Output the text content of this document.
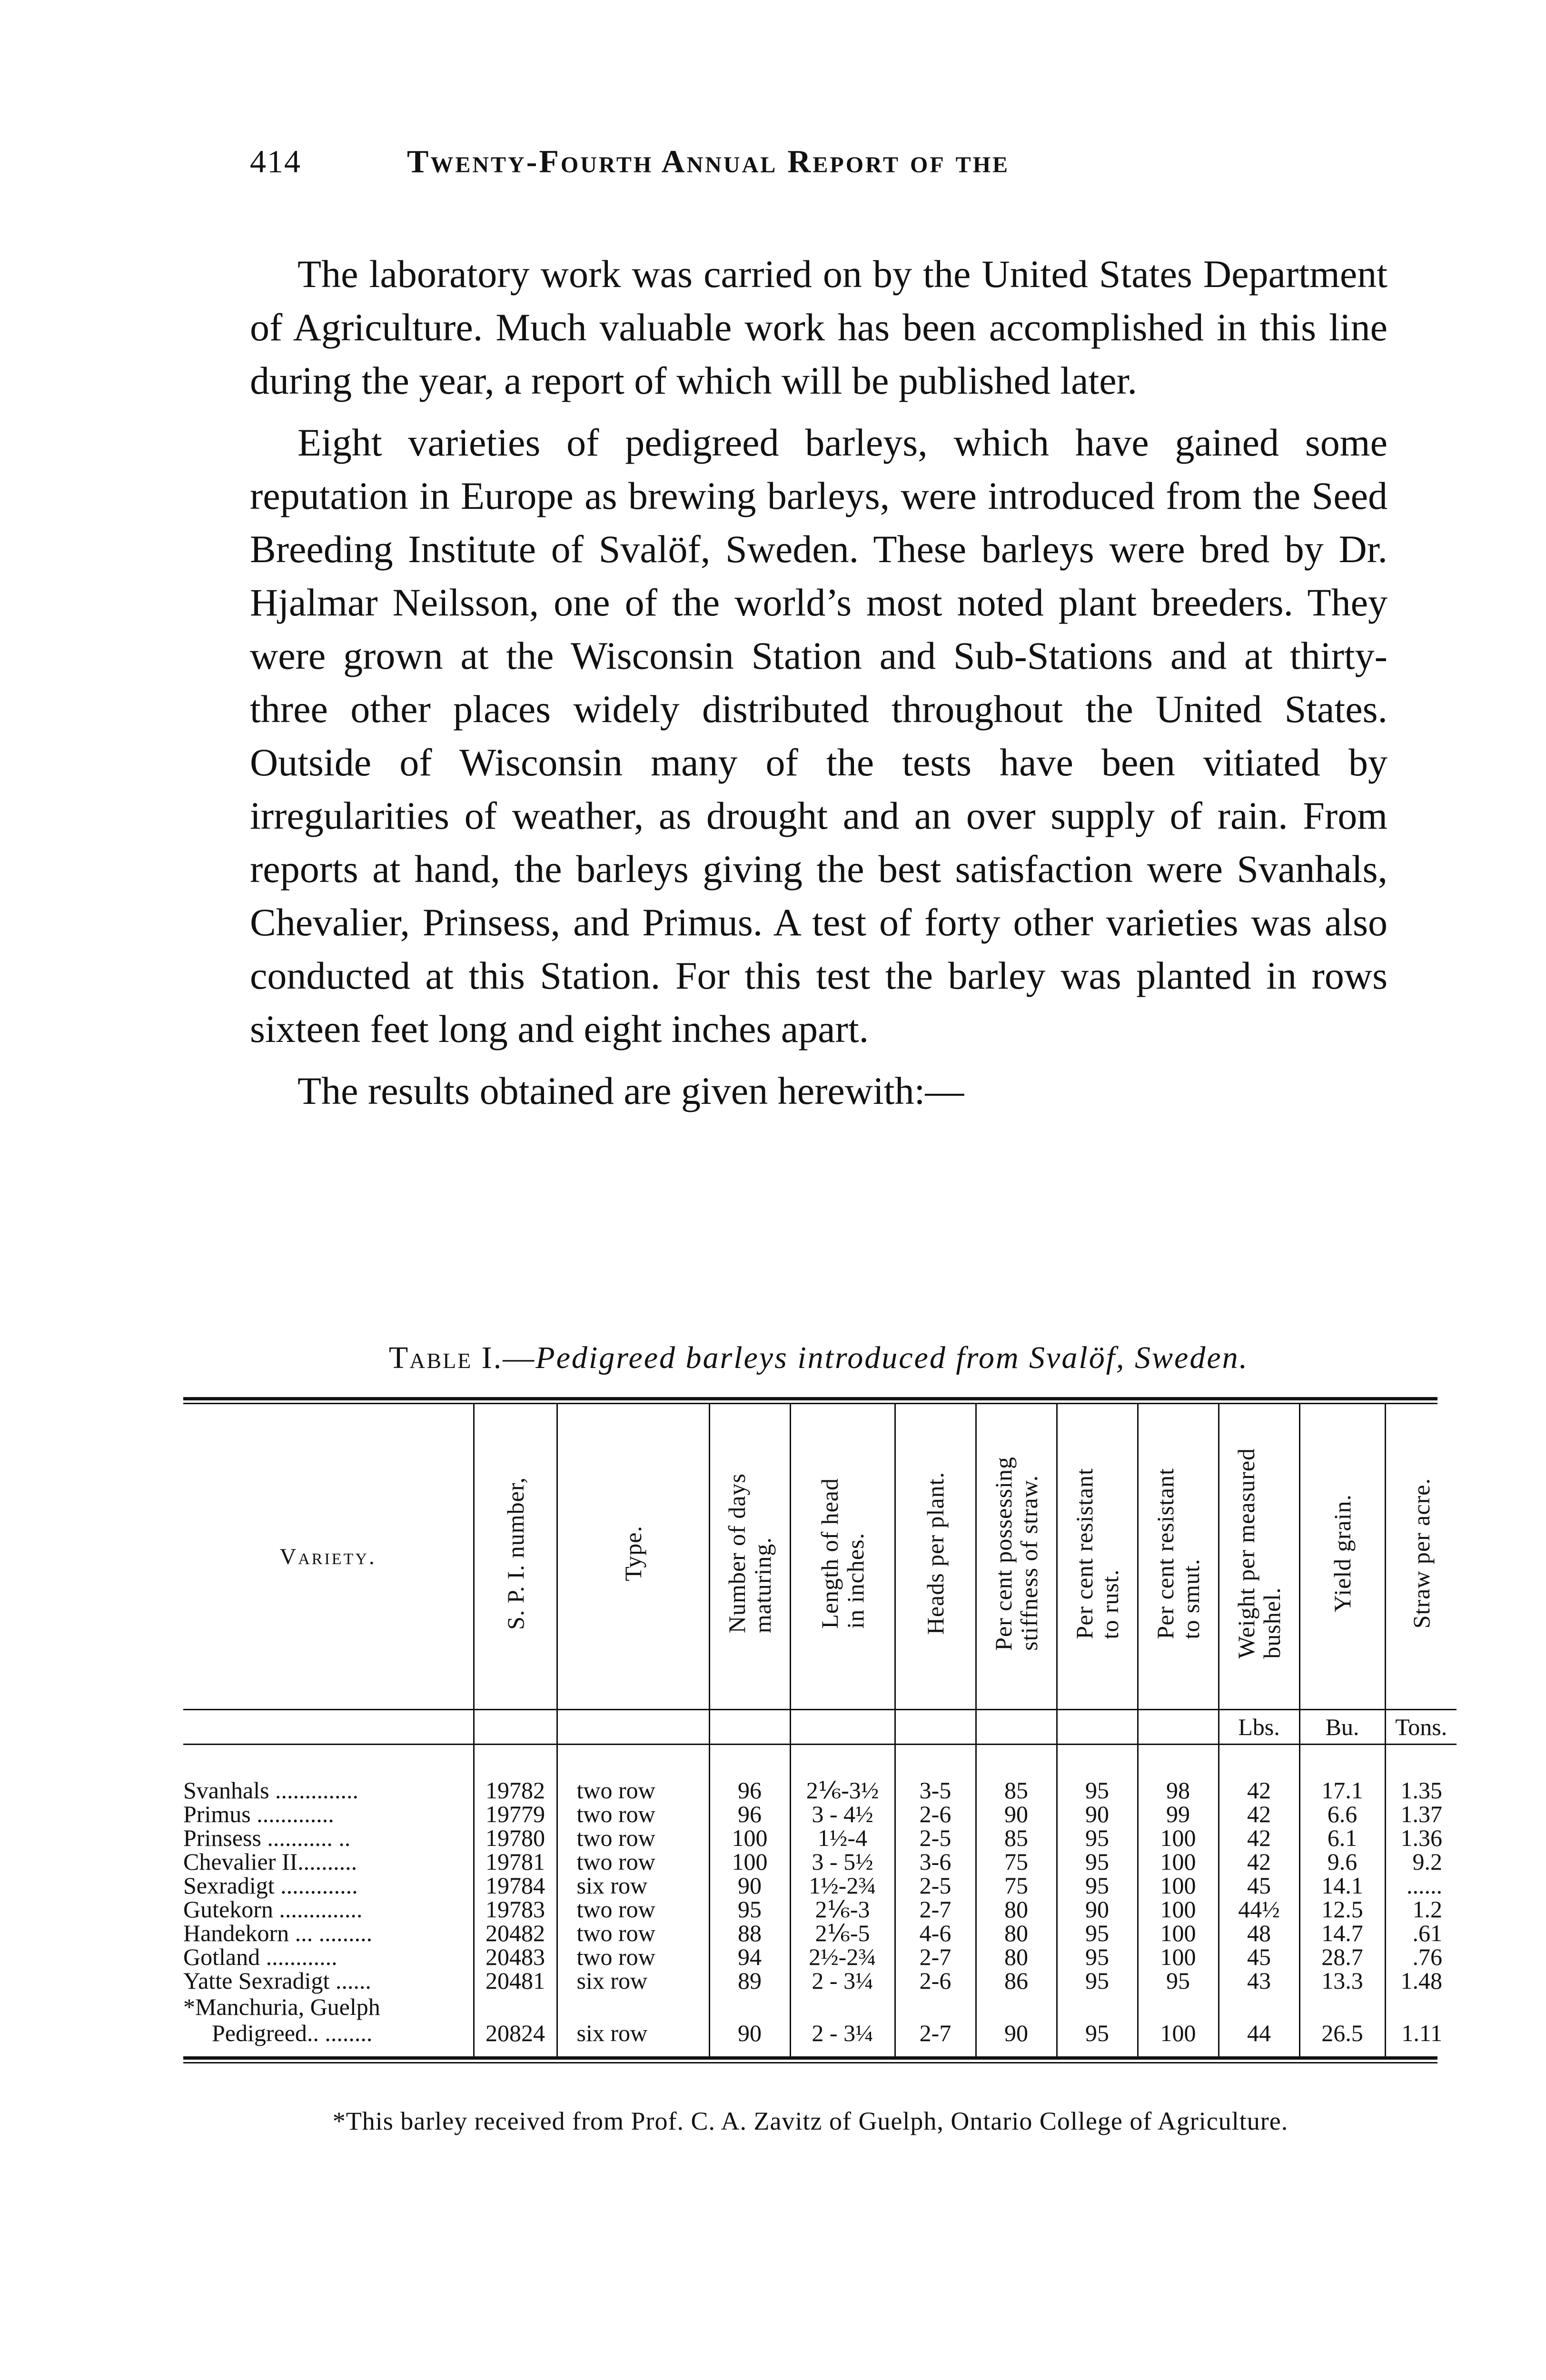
414	Twenty-Fourth Annual Report of the

The laboratory work was carried on by the United States Department of Agriculture. Much valuable work has been accomplished in this line during the year, a report of which will be published later.

Eight varieties of pedigreed barleys, which have gained some reputation in Europe as brewing barleys, were introduced from the Seed Breeding Institute of Svalöf, Sweden. These barleys were bred by Dr. Hjalmar Neilsson, one of the world’s most noted plant breeders. They were grown at the Wisconsin Station and Sub-Stations and at thirty-three other places widely distributed throughout the United States. Outside of Wisconsin many of the tests have been vitiated by irregularities of weather, as drought and an over supply of rain. From reports at hand, the barleys giving the best satisfaction were Svanhals, Chevalier, Prinsess, and Primus. A test of forty other varieties was also conducted at this Station. For this test the barley was planted in rows sixteen feet long and eight inches apart.

The results obtained are given herewith:—

Table I.—Pedigreed barleys introduced from Svalöf, Sweden.
Variety.	S. P. I. number,	Type.	Number of days
maturing.	Length of head
in inches.	Heads per plant.	Per cent possessing
stiffness of straw.	Per cent resistant
to rust.	Per cent resistant
to smut.	Weight per measured
bushel.	Yield grain.	Straw per acre.
									Lbs.	Bu.	Tons.

Svanhals ..............	19782	two row	96	2⅙-3½	3-5	85	95	98	42	17.1	1.35
Primus .............	19779	two row	96	3 - 4½	2-6	90	90	99	42	6.6	1.37
Prinsess ........... ..	19780	two row	100	1½-4	2-5	85	95	100	42	6.1	1.36
Chevalier II..........	19781	two row	100	3 - 5½	3-6	75	95	100	42	9.6	9.2
Sexradigt .............	19784	six row	90	1½-2¾	2-5	75	95	100	45	14.1	......
Gutekorn ..............	19783	two row	95	2⅙-3	2-7	80	90	100	44½	12.5	1.2
Handekorn ... .........	20482	two row	88	2⅙-5	4-6	80	95	100	48	14.7	.61
Gotland ............	20483	two row	94	2½-2¾	2-7	80	95	100	45	28.7	.76
Yatte Sexradigt ......	20481	six row	89	2 - 3¼	2-6	86	95	95	43	13.3	1.48
*Manchuria, Guelph											
Pedigreed.. ........	20824	six row	90	2 - 3¼	2-7	90	95	100	44	26.5	1.11

*This barley received from Prof. C. A. Zavitz of Guelph, Ontario College of Agriculture.
